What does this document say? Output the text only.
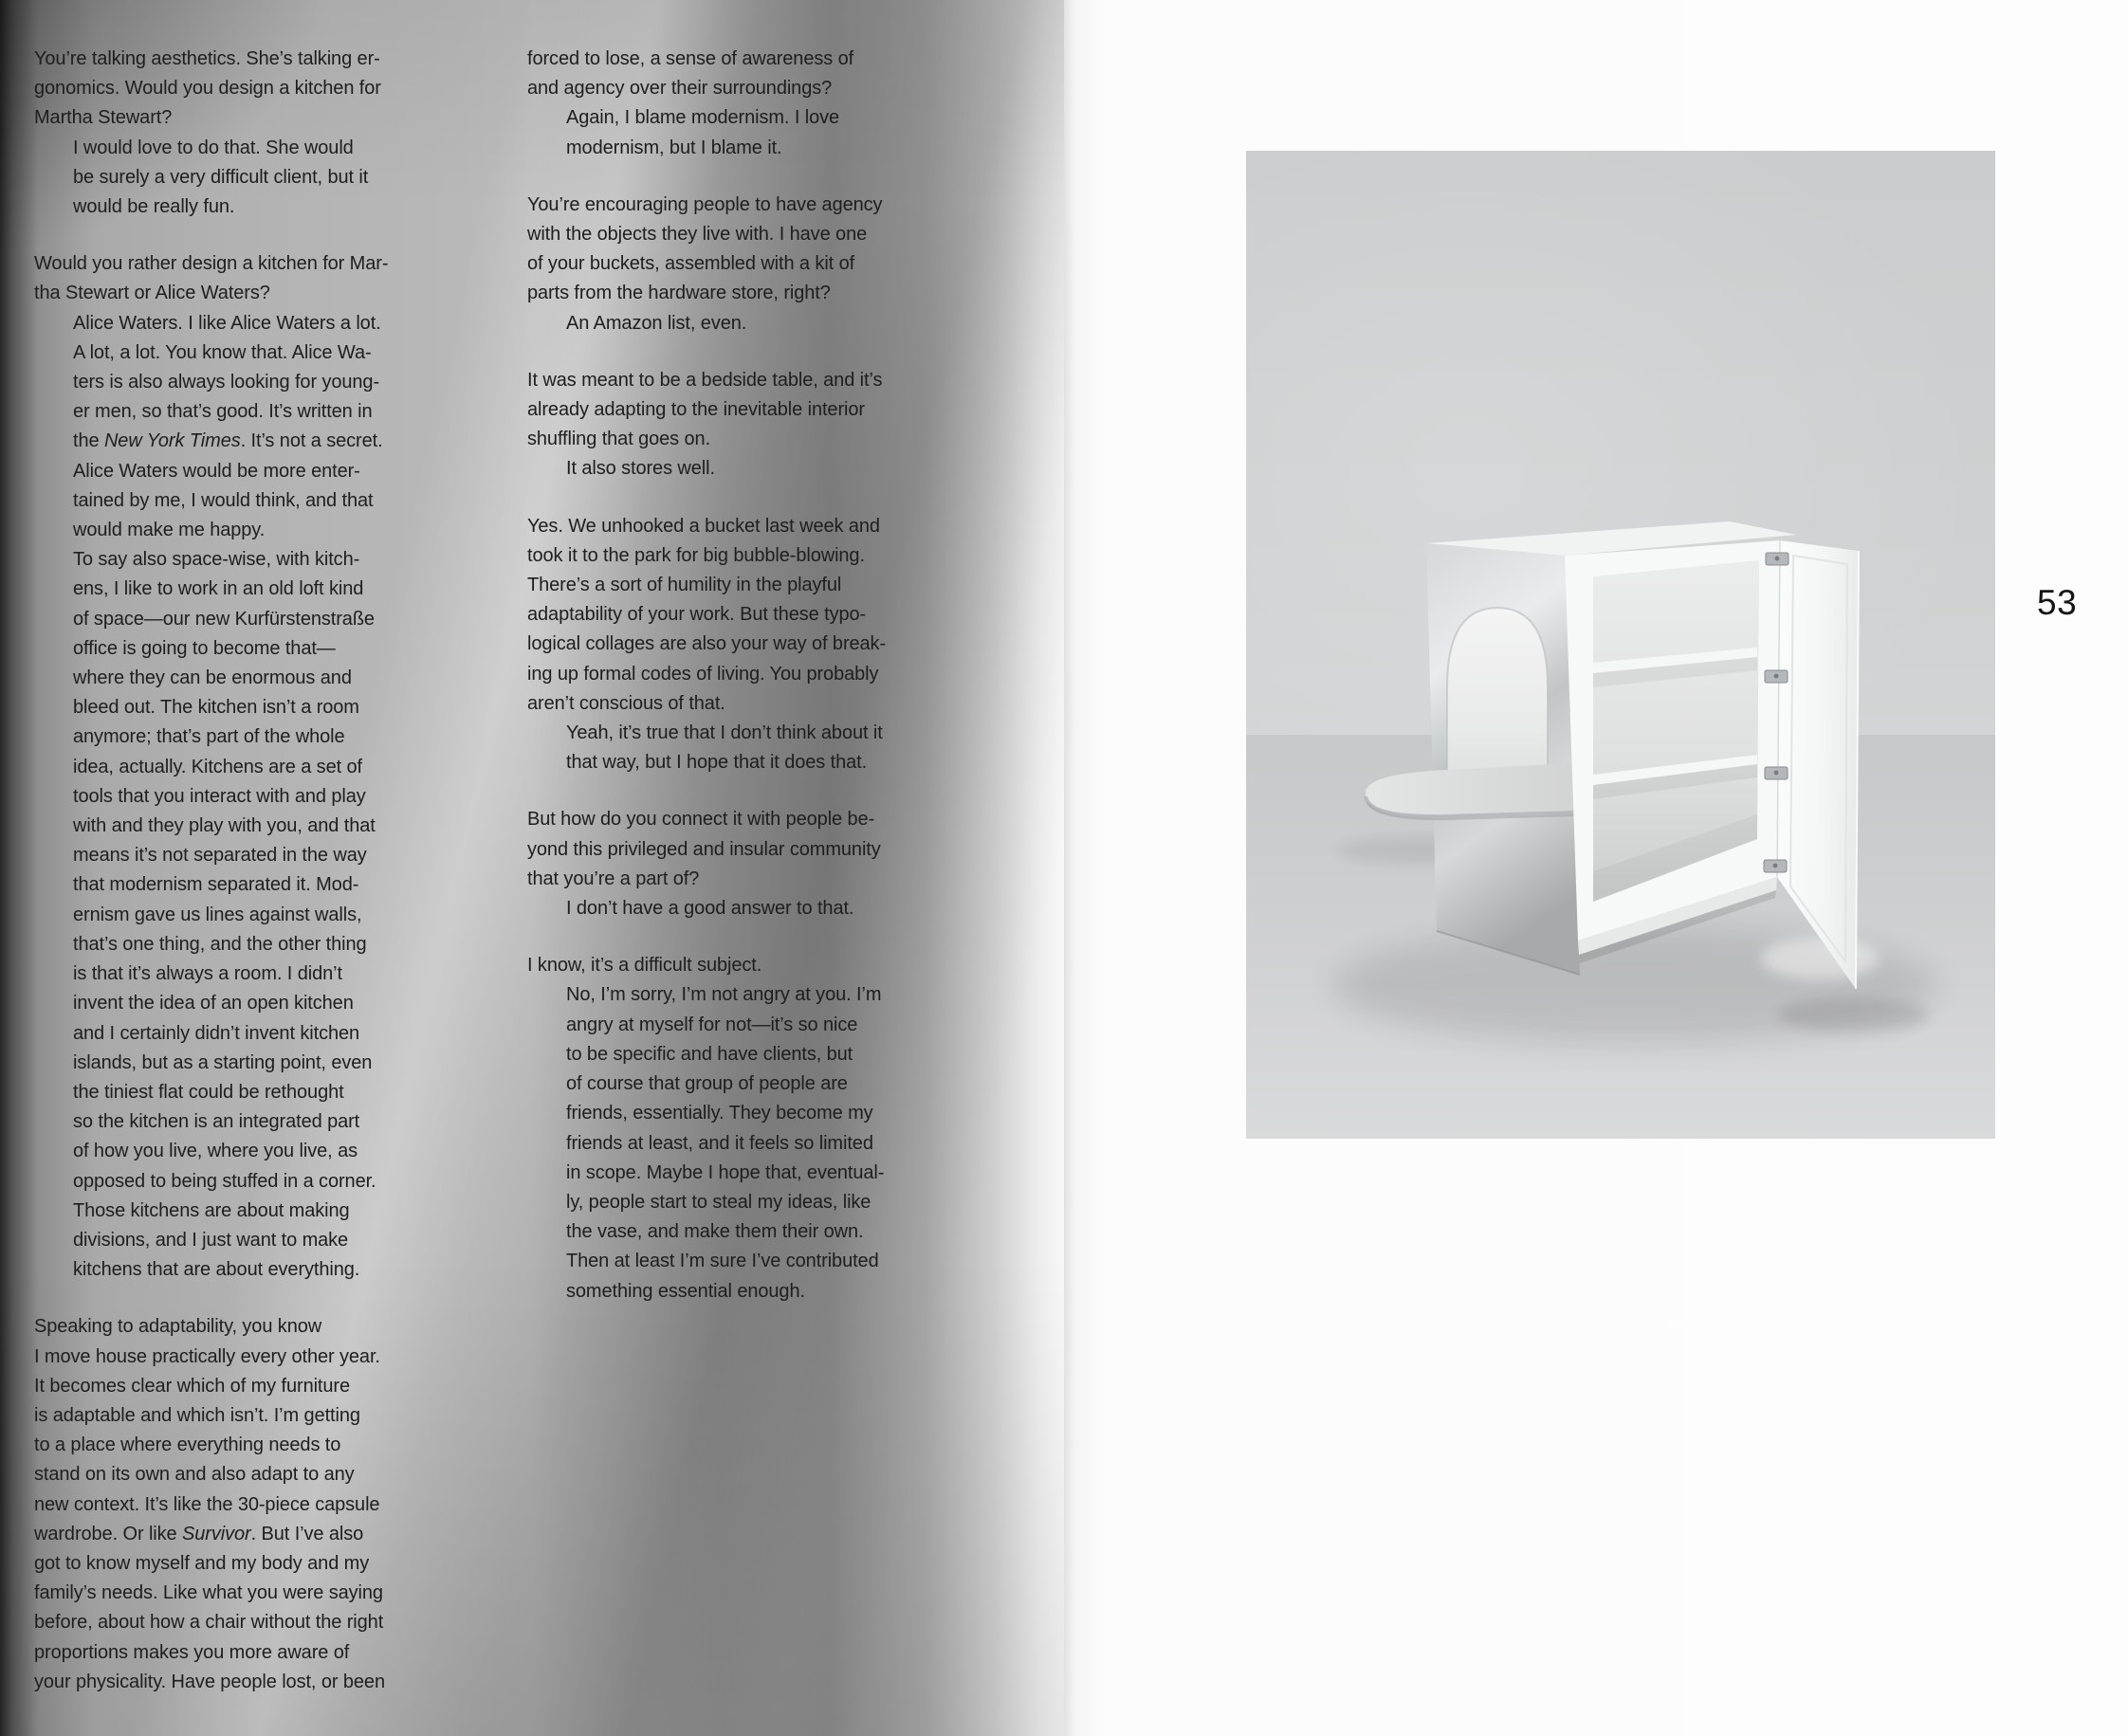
You’re talking aesthetics. She’s talking er-
gonomics. Would you design a kitchen for
Martha Stewart?
I would love to do that. She would
be surely a very difficult client, but it
would be really fun.
Would you rather design a kitchen for Mar-
tha Stewart or Alice Waters?
Alice Waters. I like Alice Waters a lot.
A lot, a lot. You know that. Alice Wa-
ters is also always looking for young-
er men, so that’s good. It’s written in
the New York Times. It’s not a secret.
Alice Waters would be more enter-
tained by me, I would think, and that
would make me happy.
To say also space-wise, with kitch-
ens, I like to work in an old loft kind
of space—our new Kurfürstenstraße
office is going to become that—
where they can be enormous and
bleed out. The kitchen isn’t a room
anymore; that’s part of the whole
idea, actually. Kitchens are a set of
tools that you interact with and play
with and they play with you, and that
means it’s not separated in the way
that modernism separated it. Mod-
ernism gave us lines against walls,
that’s one thing, and the other thing
is that it’s always a room. I didn’t
invent the idea of an open kitchen
and I certainly didn’t invent kitchen
islands, but as a starting point, even
the tiniest flat could be rethought
so the kitchen is an integrated part
of how you live, where you live, as
opposed to being stuffed in a corner.
Those kitchens are about making
divisions, and I just want to make
kitchens that are about everything.
Speaking to adaptability, you know
I move house practically every other year.
It becomes clear which of my furniture
is adaptable and which isn’t. I’m getting
to a place where everything needs to
stand on its own and also adapt to any
new context. It’s like the 30-piece capsule
wardrobe. Or like Survivor. But I’ve also
got to know myself and my body and my
family’s needs. Like what you were saying
before, about how a chair without the right
proportions makes you more aware of
your physicality. Have people lost, or been
forced to lose, a sense of awareness of
and agency over their surroundings?
Again, I blame modernism. I love
modernism, but I blame it.
You’re encouraging people to have agency
with the objects they live with. I have one
of your buckets, assembled with a kit of
parts from the hardware store, right?
An Amazon list, even.
It was meant to be a bedside table, and it’s
already adapting to the inevitable interior
shuffling that goes on.
It also stores well.
Yes. We unhooked a bucket last week and
took it to the park for big bubble-blowing.
There’s a sort of humility in the playful
adaptability of your work. But these typo-
logical collages are also your way of break-
ing up formal codes of living. You probably
aren’t conscious of that.
Yeah, it’s true that I don’t think about it
that way, but I hope that it does that.
But how do you connect it with people be-
yond this privileged and insular community
that you’re a part of?
I don’t have a good answer to that.
I know, it’s a difficult subject.
No, I’m sorry, I’m not angry at you. I’m
angry at myself for not—it’s so nice
to be specific and have clients, but
of course that group of people are
friends, essentially. They become my
friends at least, and it feels so limited
in scope. Maybe I hope that, eventual-
ly, people start to steal my ideas, like
the vase, and make them their own.
Then at least I’m sure I’ve contributed
something essential enough.
53
